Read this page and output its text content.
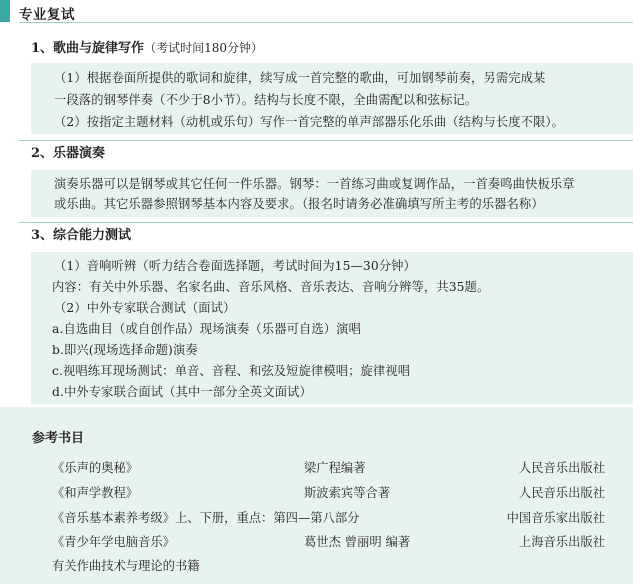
专业复试
1、歌曲与旋律写作（考试时间180分钟）
（1）根据卷面所提供的歌词和旋律，续写成一首完整的歌曲，可加钢琴前奏，另需完成某
一段落的钢琴伴奏（不少于8小节）。结构与长度不限，全曲需配以和弦标记。
（2）按指定主题材料（动机或乐句）写作一首完整的单声部器乐化乐曲（结构与长度不限）。
2、乐器演奏
演奏乐器可以是钢琴或其它任何一件乐器。钢琴：一首练习曲或复调作品，一首奏鸣曲快板乐章
或乐曲。其它乐器参照钢琴基本内容及要求。（报名时请务必准确填写所主考的乐器名称）
3、综合能力测试
（1）音响听辨（听力结合卷面选择题，考试时间为15—30分钟）
内容：有关中外乐器、名家名曲、音乐风格、音乐表达、音响分辨等，共35题。
（2）中外专家联合测试（面试）
a.自选曲目（或自创作品）现场演奏（乐器可自选）演唱
b.即兴(现场选择命题)演奏
c.视唱练耳现场测试：单音、音程、和弦及短旋律模唱；旋律视唱
d.中外专家联合面试（其中一部分全英文面试）
参考书目
《乐声的奥秘》	梁广程编著	人民音乐出版社
《和声学教程》	斯波索宾等合著	人民音乐出版社
《音乐基本素养考级》上、下册，重点：第四—第八部分	中国音乐家出版社
《青少年学电脑音乐》	葛世杰 曾丽明 编著	上海音乐出版社
有关作曲技术与理论的书籍
